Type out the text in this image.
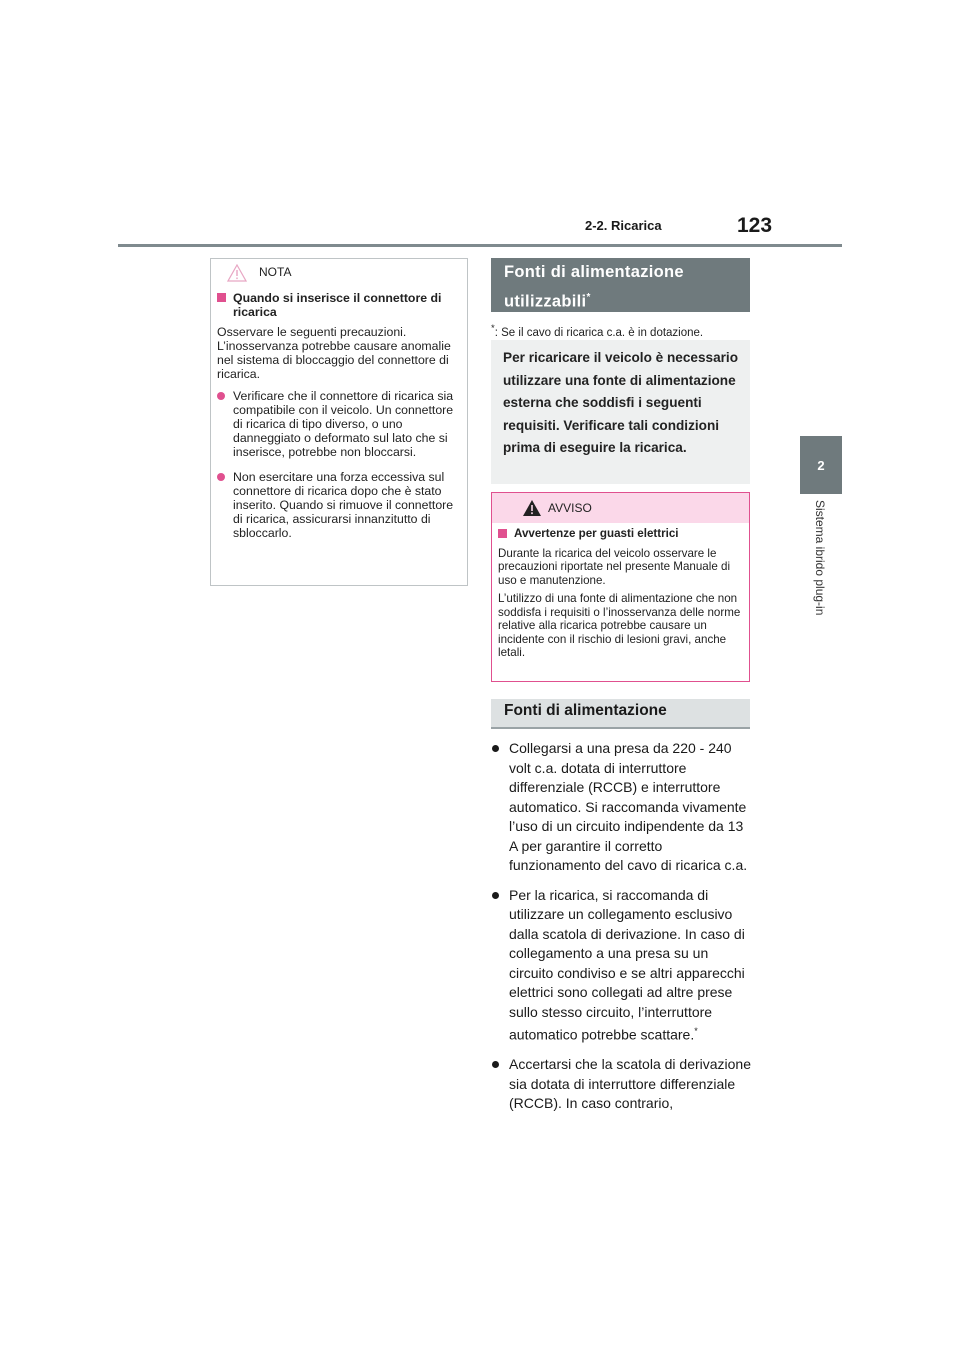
2-2. Ricarica	123
2
Sistema ibrido plug-in
NOTA
Quando si inserisce il connettore di ricarica
Osservare le seguenti precauzioni. L’inosservanza potrebbe causare anomalie nel sistema di bloccaggio del connettore di ricarica.
Verificare che il connettore di ricarica sia compatibile con il veicolo. Un connettore di ricarica di tipo diverso, o uno danneggiato o deformato sul lato che si inserisce, potrebbe non bloccarsi.
Non esercitare una forza eccessiva sul connettore di ricarica dopo che è stato inserito. Quando si rimuove il connettore di ricarica, assicurarsi innanzitutto di sbloccarlo.
Fonti di alimentazione utilizzabili*
*: Se il cavo di ricarica c.a. è in dotazione.
Per ricaricare il veicolo è necessario utilizzare una fonte di alimentazione esterna che soddisfi i seguenti requisiti. Verificare tali condizioni prima di eseguire la ricarica.
AVVISO
Avvertenze per guasti elettrici
Durante la ricarica del veicolo osservare le precauzioni riportate nel presente Manuale di uso e manutenzione.
L’utilizzo di una fonte di alimentazione che non soddisfa i requisiti o l’inosservanza delle norme relative alla ricarica potrebbe causare un incidente con il rischio di lesioni gravi, anche letali.
Fonti di alimentazione
Collegarsi a una presa da 220 - 240 volt c.a. dotata di interruttore differenziale (RCCB) e interruttore automatico. Si raccomanda vivamente l’uso di un circuito indipendente da 13 A per garantire il corretto funzionamento del cavo di ricarica c.a.
Per la ricarica, si raccomanda di utilizzare un collegamento esclusivo dalla scatola di derivazione. In caso di collegamento a una presa su un circuito condiviso e se altri apparecchi elettrici sono collegati ad altre prese sullo stesso circuito, l’interruttore automatico potrebbe scattare.*
Accertarsi che la scatola di derivazione sia dotata di interruttore differenziale (RCCB). In caso contrario,
